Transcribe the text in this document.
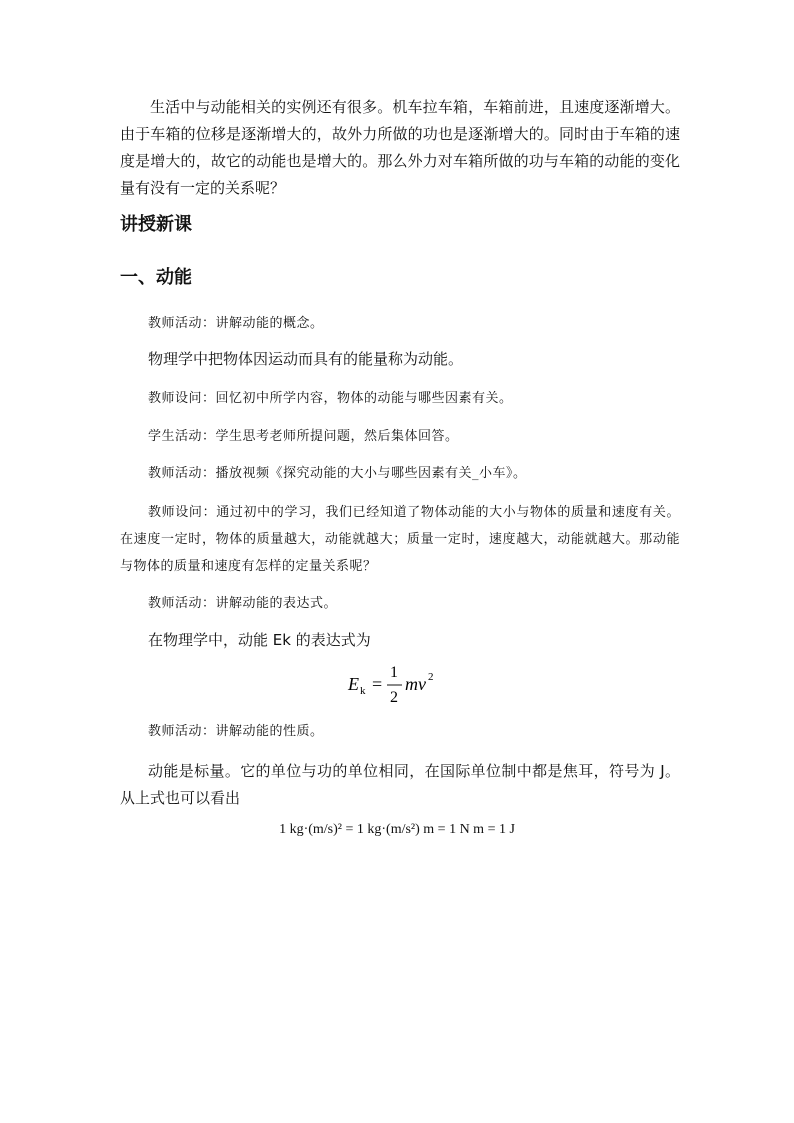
生活中与动能相关的实例还有很多。机车拉车箱，车箱前进，且速度逐渐增大。由于车箱的位移是逐渐增大的，故外力所做的功也是逐渐增大的。同时由于车箱的速度是增大的，故它的动能也是增大的。那么外力对车箱所做的功与车箱的动能的变化量有没有一定的关系呢？

讲授新课
一、动能

教师活动：讲解动能的概念。

物理学中把物体因运动而具有的能量称为动能。

教师设问：回忆初中所学内容，物体的动能与哪些因素有关。

学生活动：学生思考老师所提问题，然后集体回答。

教师活动：播放视频《探究动能的大小与哪些因素有关_小车》。

教师设问：通过初中的学习，我们已经知道了物体动能的大小与物体的质量和速度有关。在速度一定时，物体的质量越大，动能就越大；质量一定时，速度越大，动能就越大。那动能与物体的质量和速度有怎样的定量关系呢？

教师活动：讲解动能的表达式。

在物理学中，动能 Ek 的表达式为

E k =
1
2
mv 2

教师活动：讲解动能的性质。

动能是标量。它的单位与功的单位相同，在国际单位制中都是焦耳，符号为 J。从上式也可以看出

1 kg·(m/s)² = 1 kg·(m/s²) m = 1 N m = 1 J
